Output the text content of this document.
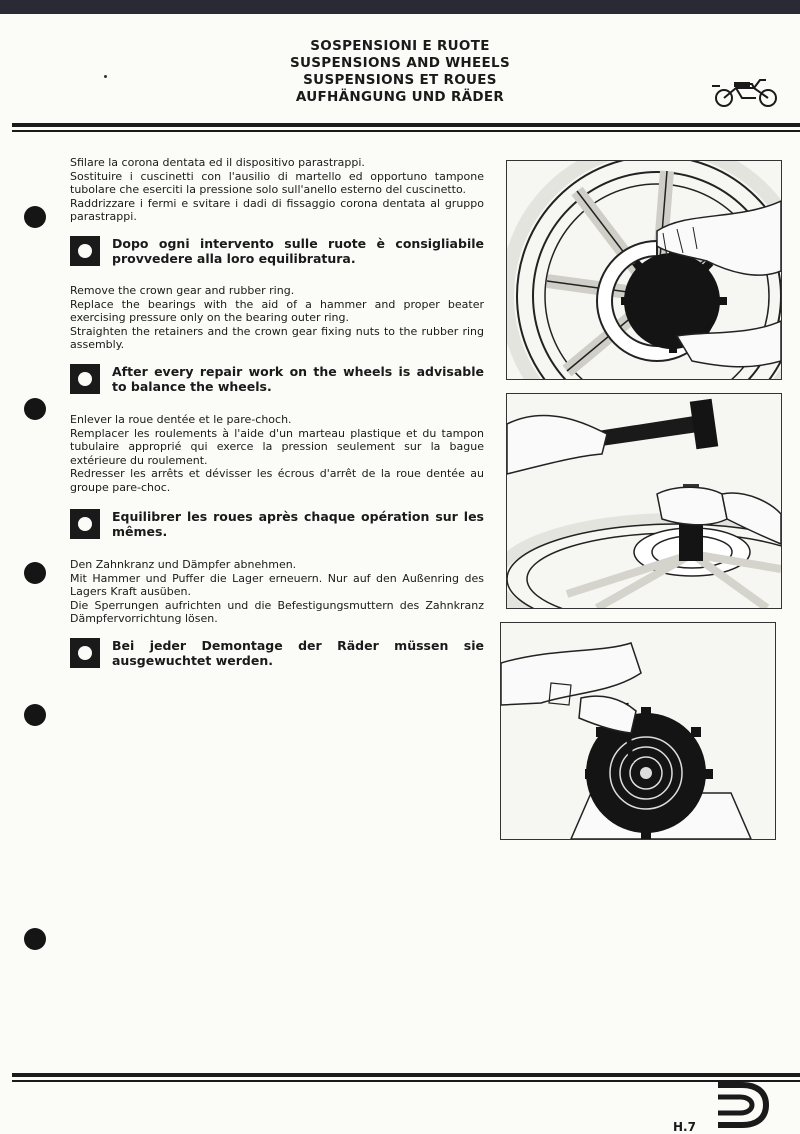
SOSPENSIONI E RUOTE
SUSPENSIONS AND WHEELS
SUSPENSIONS ET ROUES
AUFHÄNGUNG UND RÄDER

Sfilare la corona dentata ed il dispositivo parastrappi.

Sostituire i cuscinetti con l'ausilio di martello ed opportuno tampone tubolare che eserciti la pressione solo sull'anello esterno del cuscinetto.

Raddrizzare i fermi e svitare i dadi di fissaggio corona dentata al gruppo parastrappi.

Dopo ogni intervento sulle ruote è consigliabile provvedere alla loro equilibratura.

Remove the crown gear and rubber ring.

Replace the bearings with the aid of a hammer and proper beater exercising pressure only on the bearing outer ring.

Straighten the retainers and the crown gear fixing nuts to the rubber ring assembly.

After every repair work on the wheels is advisable to balance the wheels.

Enlever la roue dentée et le pare-choch.

Remplacer les roulements à l'aide d'un marteau plastique et du tampon tubulaire approprié qui exerce la pression seulement sur la bague extérieure du roulement.

Redresser les arrêts et dévisser les écrous d'arrêt de la roue dentée au groupe pare-choc.

Equilibrer les roues après chaque opération sur les mêmes.

Den Zahnkranz und Dämpfer abnehmen.

Mit Hammer und Puffer die Lager erneuern. Nur auf den Außenring des Lagers Kraft ausüben.

Die Sperrungen aufrichten und die Befestigungsmuttern des Zahnkranz Dämpfervorrichtung lösen.

Bei jeder Demontage der Räder müssen sie ausgewuchtet werden.
H.7
